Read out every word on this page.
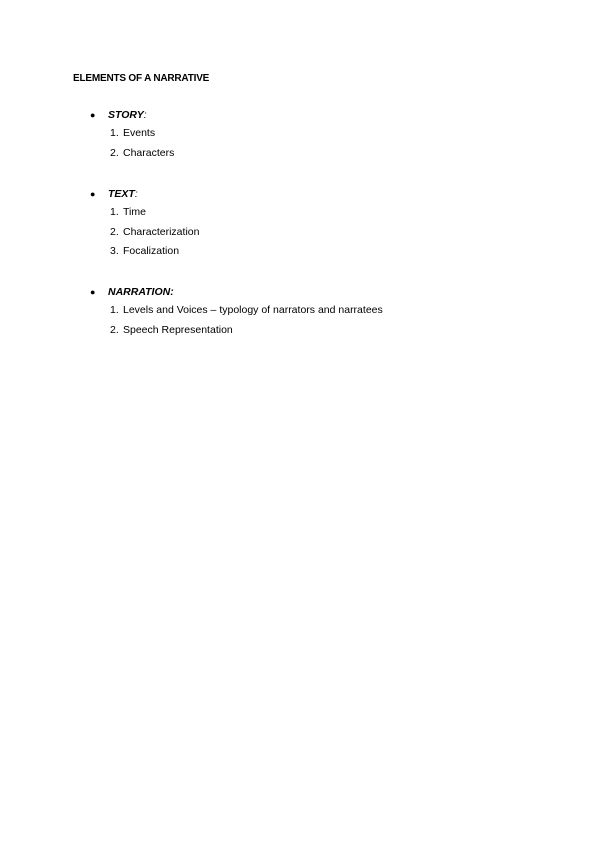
ELEMENTS OF A NARRATIVE
● STORY:
1. Events
2. Characters
● TEXT:
1. Time
2. Characterization
3. Focalization
● NARRATION:
1. Levels and Voices – typology of narrators and narratees
2. Speech Representation
